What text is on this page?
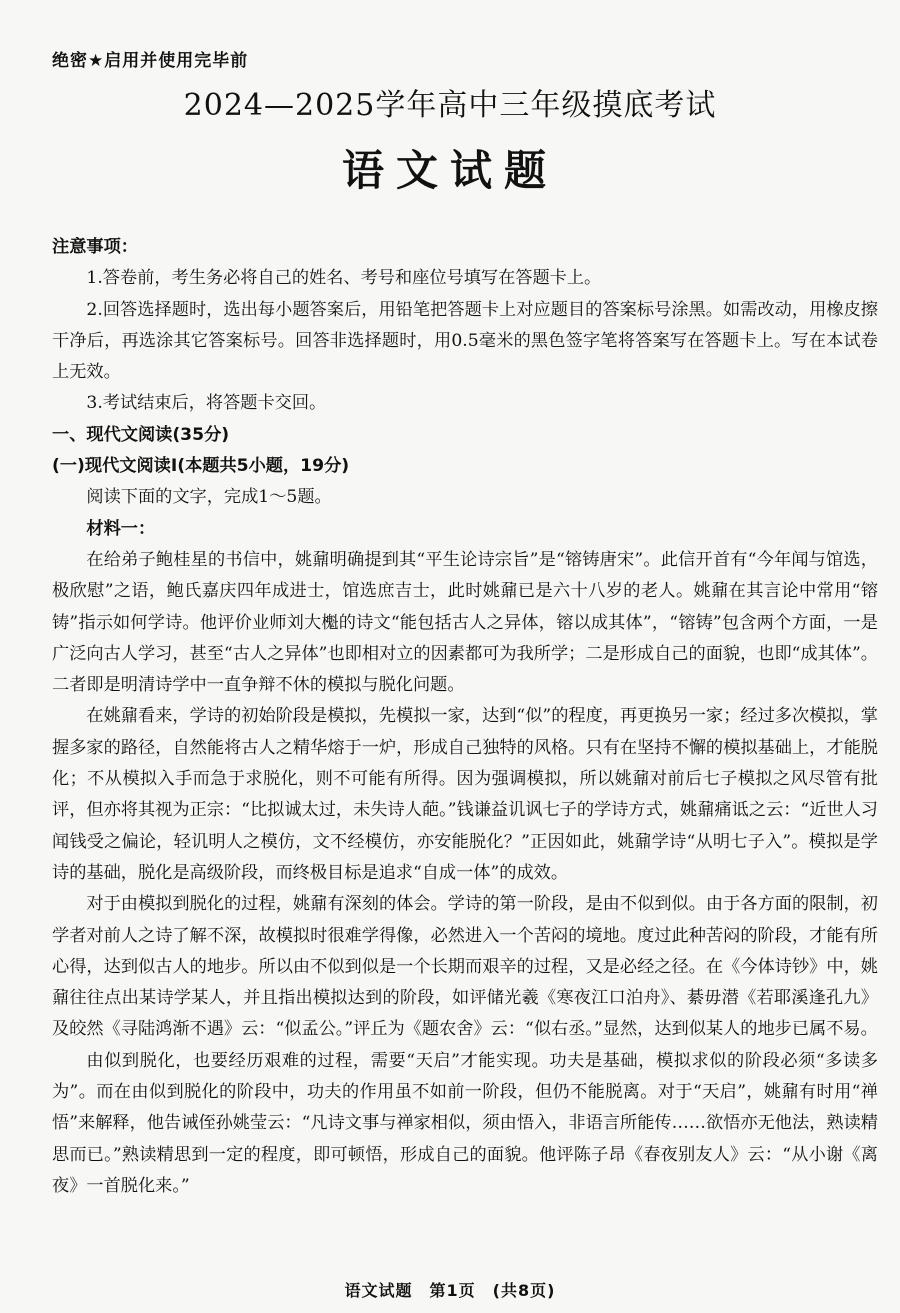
绝密★启用并使用完毕前
2024—2025学年高中三年级摸底考试
语文试题

注意事项：

1.答卷前，考生务必将自己的姓名、考号和座位号填写在答题卡上。

2.回答选择题时，选出每小题答案后，用铅笔把答题卡上对应题目的答案标号涂黑。如需改动，用橡皮擦干净后，再选涂其它答案标号。回答非选择题时，用0.5毫米的黑色签字笔将答案写在答题卡上。写在本试卷上无效。

3.考试结束后，将答题卡交回。

一、现代文阅读(35分)

(一)现代文阅读Ⅰ(本题共5小题，19分)

阅读下面的文字，完成1～5题。

材料一：

在给弟子鲍桂星的书信中，姚鼐明确提到其“平生论诗宗旨”是“镕铸唐宋”。此信开首有“今年闻与馆选，极欣慰”之语，鲍氏嘉庆四年成进士，馆选庶吉士，此时姚鼐已是六十八岁的老人。姚鼐在其言论中常用“镕铸”指示如何学诗。他评价业师刘大櫆的诗文“能包括古人之异体，镕以成其体”，“镕铸”包含两个方面，一是广泛向古人学习，甚至“古人之异体”也即相对立的因素都可为我所学；二是形成自己的面貌，也即“成其体”。二者即是明清诗学中一直争辩不休的模拟与脱化问题。

在姚鼐看来，学诗的初始阶段是模拟，先模拟一家，达到“似”的程度，再更换另一家；经过多次模拟，掌握多家的路径，自然能将古人之精华熔于一炉，形成自己独特的风格。只有在坚持不懈的模拟基础上，才能脱化；不从模拟入手而急于求脱化，则不可能有所得。因为强调模拟，所以姚鼐对前后七子模拟之风尽管有批评，但亦将其视为正宗：“比拟诚太过，未失诗人葩。”钱谦益讥讽七子的学诗方式，姚鼐痛诋之云：“近世人习闻钱受之偏论，轻讥明人之模仿，文不经模仿，亦安能脱化？”正因如此，姚鼐学诗“从明七子入”。模拟是学诗的基础，脱化是高级阶段，而终极目标是追求“自成一体”的成效。

对于由模拟到脱化的过程，姚鼐有深刻的体会。学诗的第一阶段，是由不似到似。由于各方面的限制，初学者对前人之诗了解不深，故模拟时很难学得像，必然进入一个苦闷的境地。度过此种苦闷的阶段，才能有所心得，达到似古人的地步。所以由不似到似是一个长期而艰辛的过程，又是必经之径。在《今体诗钞》中，姚鼐往往点出某诗学某人，并且指出模拟达到的阶段，如评储光羲《寒夜江口泊舟》、綦毋潜《若耶溪逢孔九》及皎然《寻陆鸿渐不遇》云：“似孟公。”评丘为《题农舍》云：“似右丞。”显然，达到似某人的地步已属不易。

由似到脱化，也要经历艰难的过程，需要“天启”才能实现。功夫是基础，模拟求似的阶段必须“多读多为”。而在由似到脱化的阶段中，功夫的作用虽不如前一阶段，但仍不能脱离。对于“天启”，姚鼐有时用“禅悟”来解释，他告诫侄孙姚莹云：“凡诗文事与禅家相似，须由悟入，非语言所能传……欲悟亦无他法，熟读精思而已。”熟读精思到一定的程度，即可顿悟，形成自己的面貌。他评陈子昂《春夜别友人》云：“从小谢《离夜》一首脱化来。”

语文试题　第1页　(共8页)
